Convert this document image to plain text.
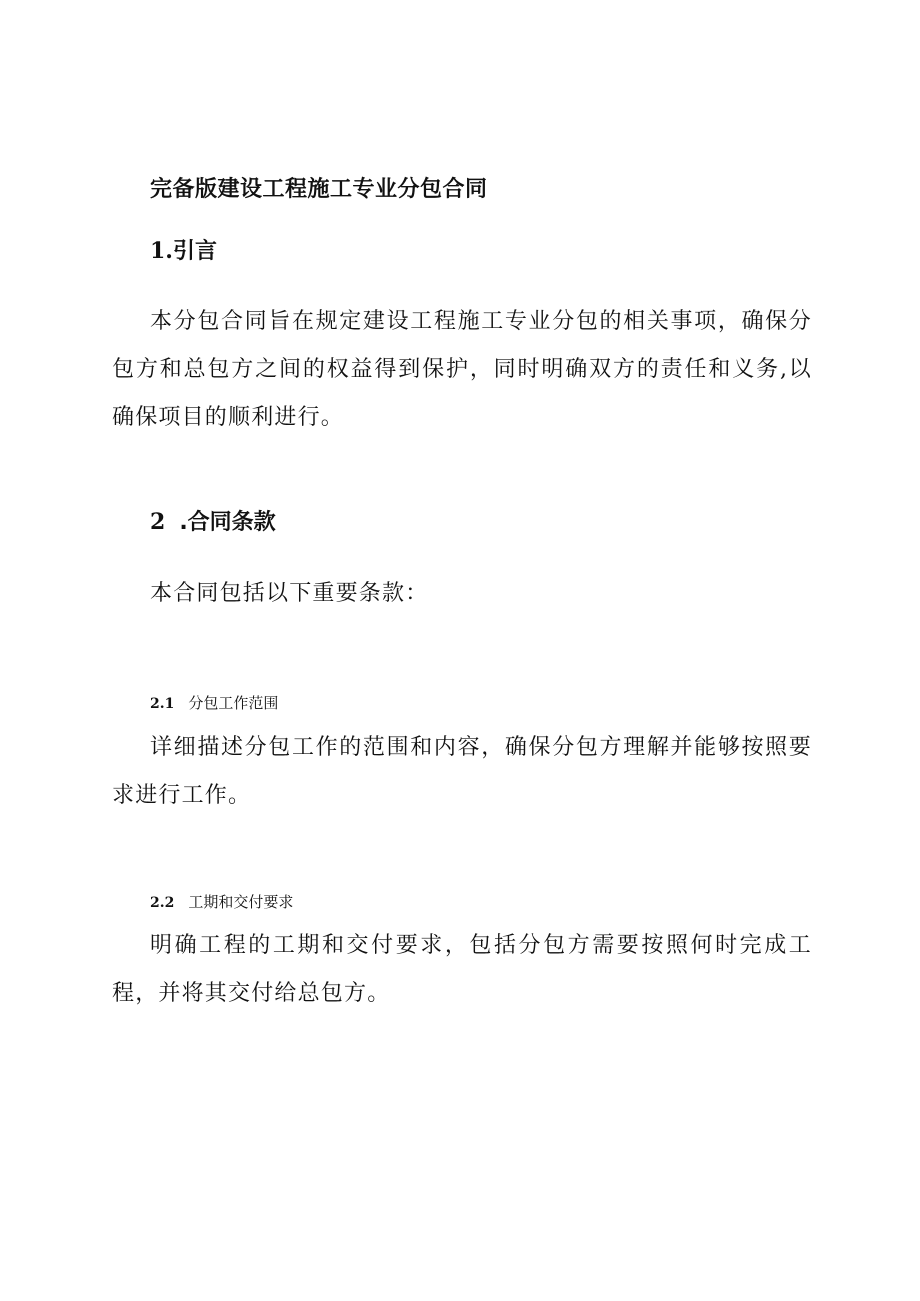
完备版建设工程施工专业分包合同
1.引言

本分包合同旨在规定建设工程施工专业分包的相关事项，确保分包方和总包方之间的权益得到保护，同时明确双方的责任和义务,以确保项目的顺利进行。

2 .合同条款

本合同包括以下重要条款：

2.1 分包工作范围

详细描述分包工作的范围和内容，确保分包方理解并能够按照要求进行工作。

2.2 工期和交付要求

明确工程的工期和交付要求，包括分包方需要按照何时完成工程，并将其交付给总包方。
